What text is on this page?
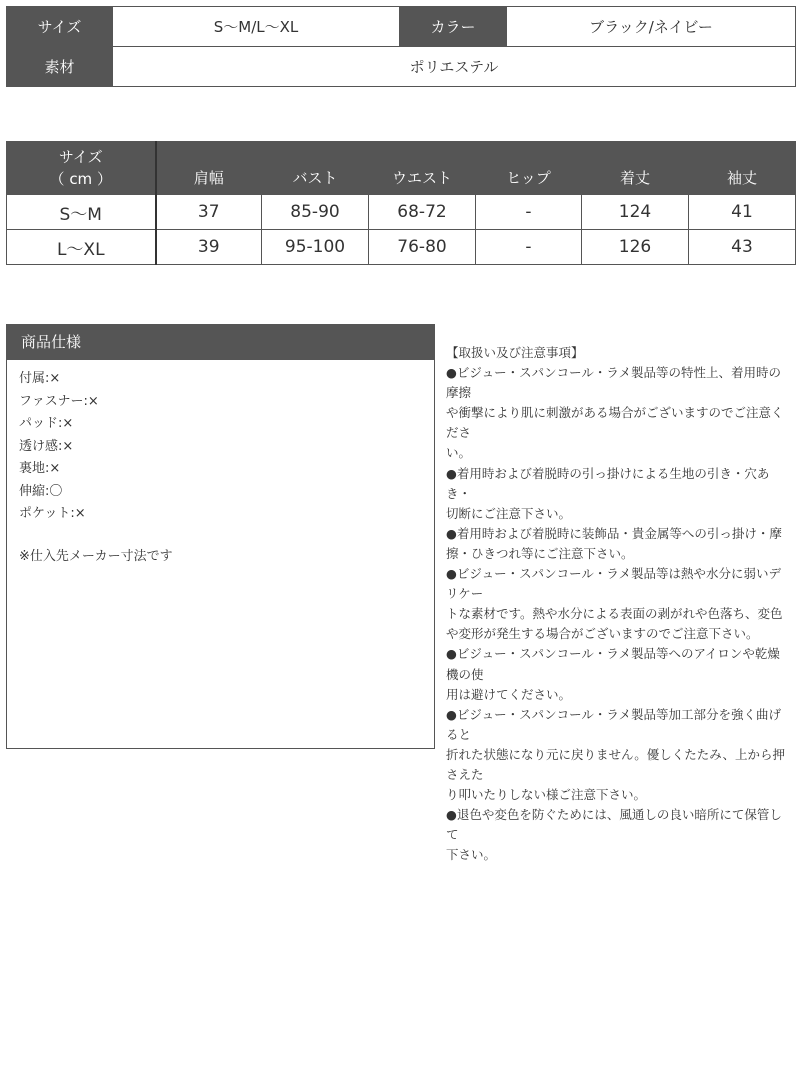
サイズ	S〜M/L〜XL	カラー	ブラック/ネイビー
素材	ポリエステル		
サイズ
（ cm ）	肩幅	バスト	ウエスト	ヒップ	着丈	袖丈
S〜M	37	85-90	68-72	-	124	41
L〜XL	39	95-100	76-80	-	126	43
商品仕様
付属:×
ファスナー:×
パッド:×
透け感:×
裏地:×
伸縮:〇
ポケット:×
※仕入先メーカー寸法です

【取扱い及び注意事項】

●ビジュー・スパンコール・ラメ製品等の特性上、着用時の摩擦

や衝撃により肌に刺激がある場合がございますのでご注意くださ

い。

●着用時および着脱時の引っ掛けによる生地の引き・穴あき・

切断にご注意下さい。

●着用時および着脱時に装飾品・貴金属等への引っ掛け・摩

擦・ひきつれ等にご注意下さい。

●ビジュー・スパンコール・ラメ製品等は熱や水分に弱いデリケー

トな素材です。熱や水分による表面の剥がれや色落ち、変色

や変形が発生する場合がございますのでご注意下さい。

●ビジュー・スパンコール・ラメ製品等へのアイロンや乾燥機の使

用は避けてください。

●ビジュー・スパンコール・ラメ製品等加工部分を強く曲げると

折れた状態になり元に戻りません。優しくたたみ、上から押さえた

り叩いたりしない様ご注意下さい。

●退色や変色を防ぐためには、風通しの良い暗所にて保管して

下さい。
